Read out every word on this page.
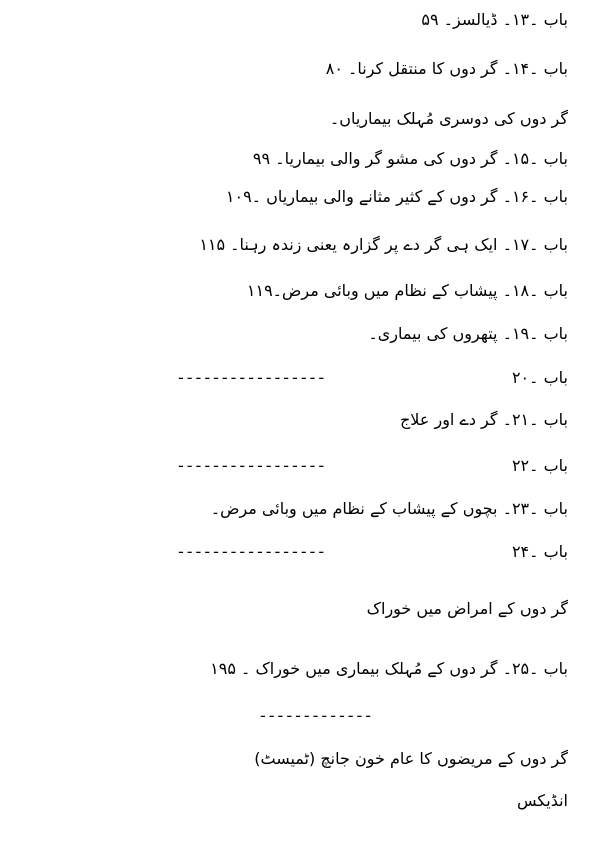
باب ۔۱۳۔ ڈیالسز۔ ۵۹
باب ۔۱۴۔ گر دوں کا منتقل کرنا۔ ۸۰
گر دوں کی دوسری مُہلک بیماریاں۔
باب ۔۱۵۔ گر دوں کی مشو گر والی بیماریا۔ ۹۹
باب ۔۱۶۔ گر دوں کے کثیر مثانے والی بیماریاں ۔۱۰۹
باب ۔۱۷۔ ایک ہی گر دے پر گزارہ یعنی زندہ رہنا۔ ۱۱۵
باب ۔۱۸۔ پیشاب کے نظام میں وبائی مرض۔۱۱۹
باب ۔۱۹۔ پتھروں کی بیماری۔
باب ۔۲۰
-----------------
باب ۔۲۱۔ گر دے اور علاج
باب ۔۲۲
-----------------
باب ۔۲۳۔ بچوں کے پیشاب کے نظام میں وبائی مرض۔
باب ۔۲۴
-----------------
گر دوں کے امراض میں خوراک
باب ۔۲۵۔ گر دوں کے مُہلک بیماری میں خوراک ۔ ۱۹۵
-------------
گر دوں کے مریضوں کا عام خون جانچ (ٹمیسٹ)
انڈیکس
